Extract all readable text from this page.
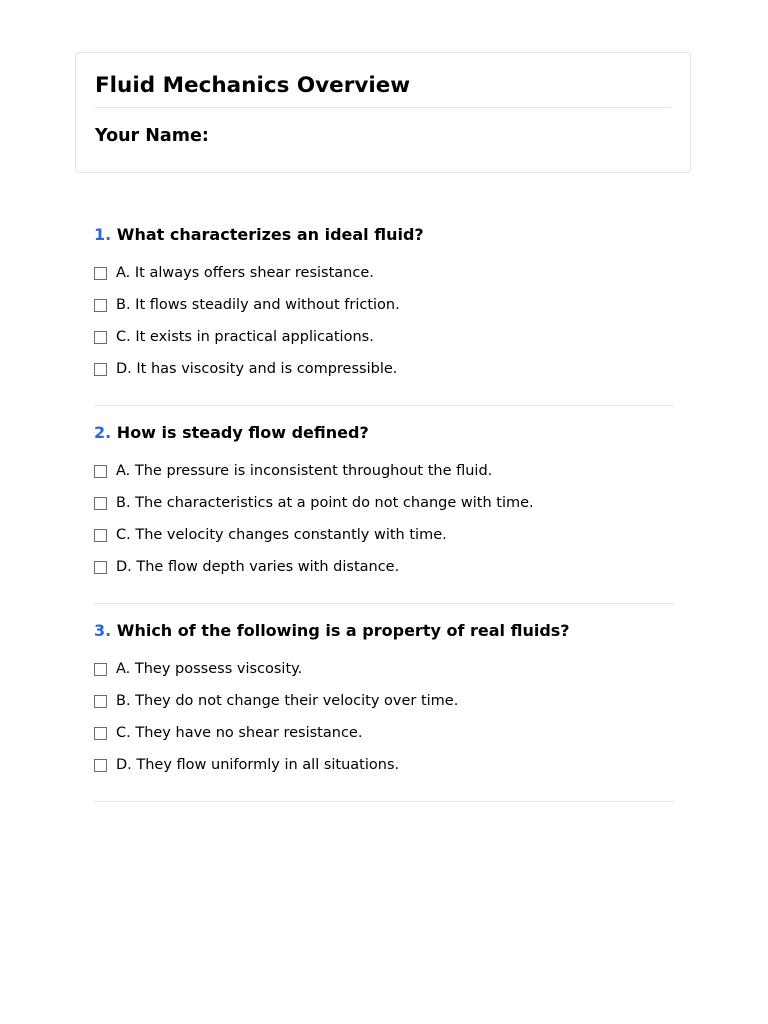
Fluid Mechanics Overview
Your Name:
1. What characterizes an ideal fluid?
A. It always offers shear resistance.
B. It flows steadily and without friction.
C. It exists in practical applications.
D. It has viscosity and is compressible.
2. How is steady flow defined?
A. The pressure is inconsistent throughout the fluid.
B. The characteristics at a point do not change with time.
C. The velocity changes constantly with time.
D. The flow depth varies with distance.
3. Which of the following is a property of real fluids?
A. They possess viscosity.
B. They do not change their velocity over time.
C. They have no shear resistance.
D. They flow uniformly in all situations.
